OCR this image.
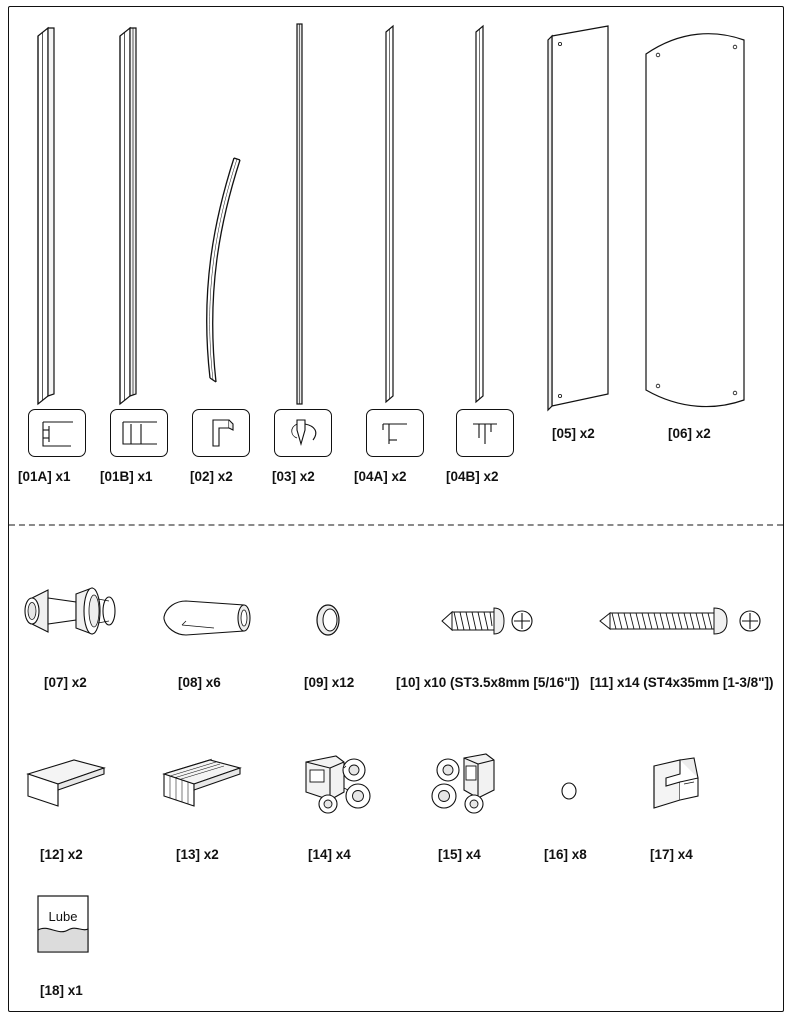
[01A] x1	[01B] x1	[02] x2	[03] x2	[04A] x2	[04B] x2
[05] x2	[06] x2
[07] x2	[08] x6	[09] x12	[10] x10 (ST3.5x8mm [5/16"]) [11] x14 (ST4x35mm [1-3/8"])
[12] x2	[13] x2	[14] x4	[15] x4	[16] x8	[17] x4
Lube
[18] x1
